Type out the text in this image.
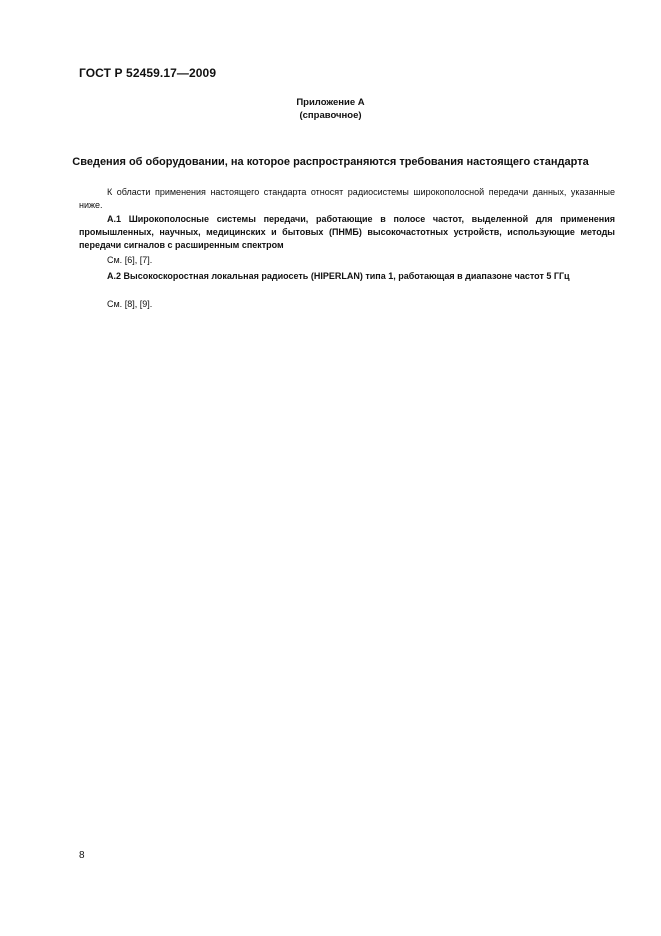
ГОСТ Р 52459.17—2009
Приложение А
(справочное)
Сведения об оборудовании, на которое распространяются требования настоящего стандарта
К области применения настоящего стандарта относят радиосистемы широкополосной передачи данных, указанные ниже.
А.1 Широкополосные системы передачи, работающие в полосе частот, выделенной для применения промышленных, научных, медицинских и бытовых (ПНМБ) высокочастотных устройств, использующие методы передачи сигналов с расширенным спектром
См. [6], [7].
А.2 Высокоскоростная локальная радиосеть (HIPERLAN) типа 1, работающая в диапазоне частот 5 ГГц
См. [8], [9].
8
